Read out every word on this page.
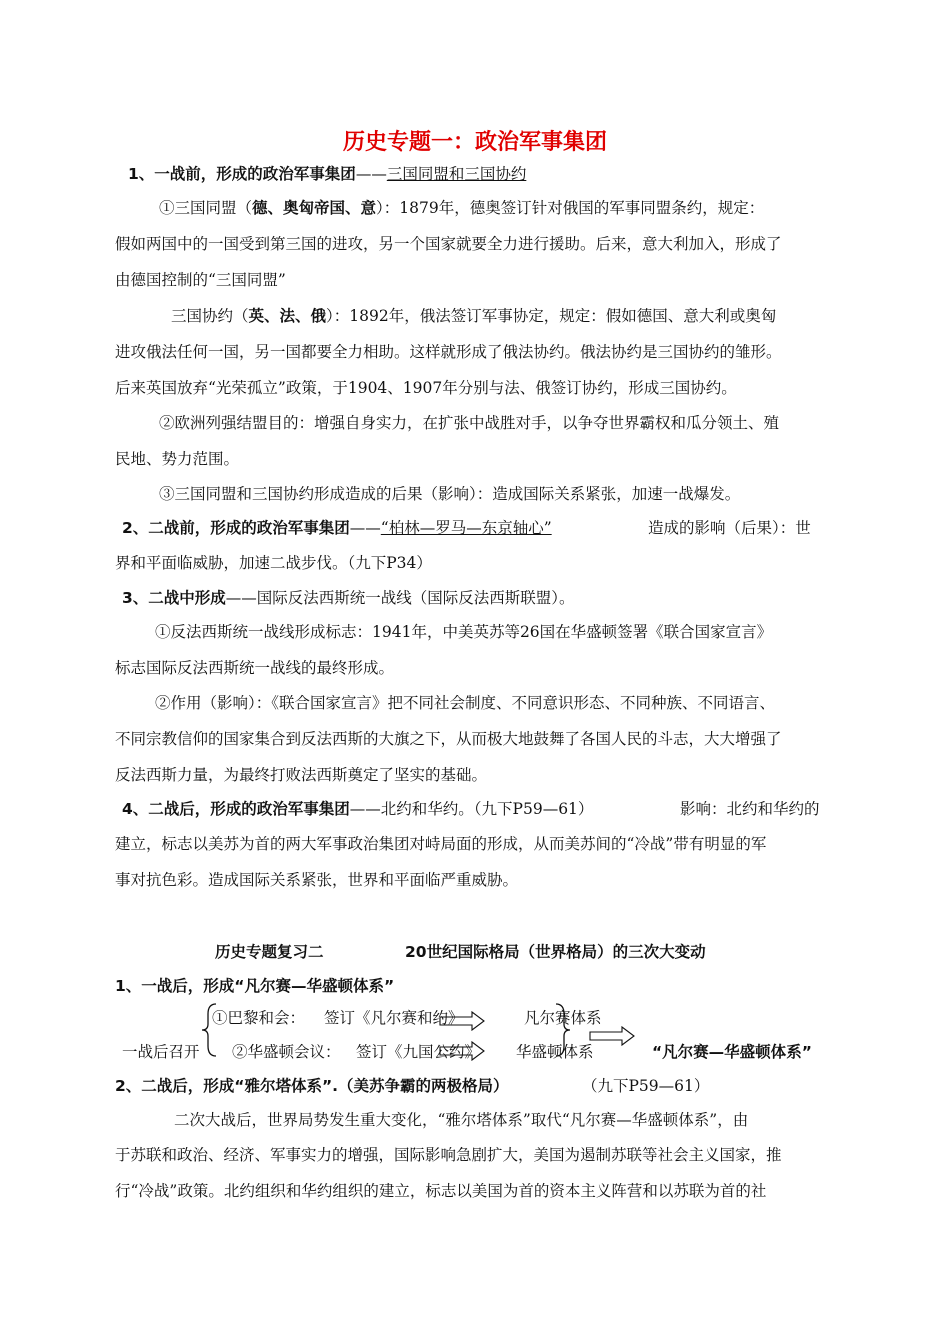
历史专题一：政治军事集团
1、一战前，形成的政治军事集团——三国同盟和三国协约
①三国同盟（德、奥匈帝国、意）：1879年，德奥签订针对俄国的军事同盟条约，规定：
假如两国中的一国受到第三国的进攻，另一个国家就要全力进行援助。后来，意大利加入，形成了
由德国控制的“三国同盟”
三国协约（英、法、俄）：1892年，俄法签订军事协定，规定：假如德国、意大利或奥匈
进攻俄法任何一国，另一国都要全力相助。这样就形成了俄法协约。俄法协约是三国协约的雏形。
后来英国放弃“光荣孤立”政策，于1904、1907年分别与法、俄签订协约，形成三国协约。
②欧洲列强结盟目的：增强自身实力，在扩张中战胜对手，以争夺世界霸权和瓜分领土、殖
民地、势力范围。
③三国同盟和三国协约形成造成的后果（影响）：造成国际关系紧张，加速一战爆发。
2、二战前，形成的政治军事集团——“柏林—罗马—东京轴心”	造成的影响（后果）：世
界和平面临威胁，加速二战步伐。（九下P34）
3、二战中形成——国际反法西斯统一战线（国际反法西斯联盟）。
①反法西斯统一战线形成标志：1941年，中美英苏等26国在华盛顿签署《联合国家宣言》
标志国际反法西斯统一战线的最终形成。
②作用（影响）：《联合国家宣言》把不同社会制度、不同意识形态、不同种族、不同语言、
不同宗教信仰的国家集合到反法西斯的大旗之下，从而极大地鼓舞了各国人民的斗志，大大增强了
反法西斯力量，为最终打败法西斯奠定了坚实的基础。
4、二战后，形成的政治军事集团——北约和华约。（九下P59—61）	影响：北约和华约的
建立，标志以美苏为首的两大军事政治集团对峙局面的形成，从而美苏间的“冷战”带有明显的军
事对抗色彩。造成国际关系紧张，世界和平面临严重威胁。
历史专题复习二	20世纪国际格局（世界格局）的三次大变动
1、一战后，形成“凡尔赛—华盛顿体系”
一战后召开
①巴黎和会： 签订《凡尔赛和约》	凡尔赛体系
②华盛顿会议： 签订《九国公约》 华盛顿体系	“凡尔赛—华盛顿体系”
2、二战后，形成“雅尔塔体系”.（美苏争霸的两极格局）	（九下P59—61）
二次大战后，世界局势发生重大变化，“雅尔塔体系”取代“凡尔赛—华盛顿体系”，由
于苏联和政治、经济、军事实力的增强，国际影响急剧扩大，美国为遏制苏联等社会主义国家，推
行“冷战”政策。北约组织和华约组织的建立，标志以美国为首的资本主义阵营和以苏联为首的社
